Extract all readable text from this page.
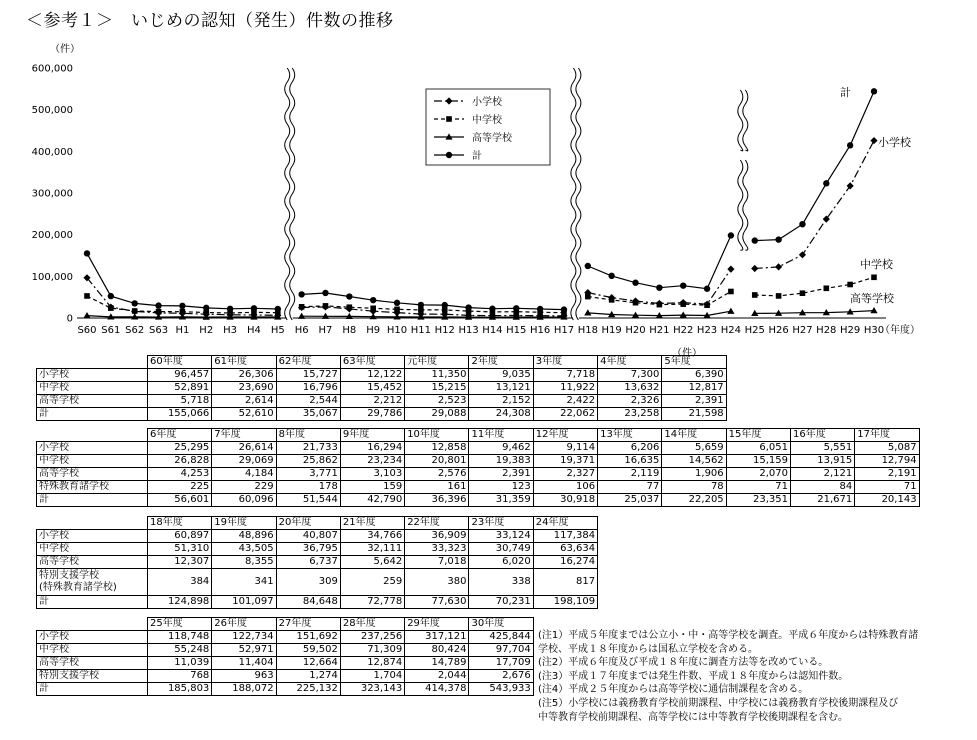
＜参考１＞　いじめの認知（発生）件数の推移
0
100,000
200,000
300,000
400,000
500,000
600,000
（件）
S60 S61 S62 S63 H1 H2 H3 H4 H5 H6 H7 H8 H9 H10 H11 H12 H13 H14 H15 H16 H17 H18 H19 H20 H21 H22 H23 H24 H25 H26 H27 H28 H29 H30
（年度）
計
小学校
中学校
高等学校
小学校
中学校
高等学校
計
（件）
	60年度	61年度	62年度	63年度	元年度	2年度	3年度	4年度	5年度
小学校	96,457	26,306	15,727	12,122	11,350	9,035	7,718	7,300	6,390
中学校	52,891	23,690	16,796	15,452	15,215	13,121	11,922	13,632	12,817
高等学校	5,718	2,614	2,544	2,212	2,523	2,152	2,422	2,326	2,391
計	155,066	52,610	35,067	29,786	29,088	24,308	22,062	23,258	21,598
	6年度	7年度	8年度	9年度	10年度	11年度	12年度	13年度	14年度	15年度	16年度	17年度
小学校	25,295	26,614	21,733	16,294	12,858	9,462	9,114	6,206	5,659	6,051	5,551	5,087
中学校	26,828	29,069	25,862	23,234	20,801	19,383	19,371	16,635	14,562	15,159	13,915	12,794
高等学校	4,253	4,184	3,771	3,103	2,576	2,391	2,327	2,119	1,906	2,070	2,121	2,191
特殊教育諸学校	225	229	178	159	161	123	106	77	78	71	84	71
計	56,601	60,096	51,544	42,790	36,396	31,359	30,918	25,037	22,205	23,351	21,671	20,143
	18年度	19年度	20年度	21年度	22年度	23年度	24年度
小学校	60,897	48,896	40,807	34,766	36,909	33,124	117,384
中学校	51,310	43,505	36,795	32,111	33,323	30,749	63,634
高等学校	12,307	8,355	6,737	5,642	7,018	6,020	16,274
特別支援学校
(特殊教育諸学校)	384	341	309	259	380	338	817
計	124,898	101,097	84,648	72,778	77,630	70,231	198,109
	25年度	26年度	27年度	28年度	29年度	30年度
小学校	118,748	122,734	151,692	237,256	317,121	425,844
中学校	55,248	52,971	59,502	71,309	80,424	97,704
高等学校	11,039	11,404	12,664	12,874	14,789	17,709
特別支援学校	768	963	1,274	1,704	2,044	2,676
計	185,803	188,072	225,132	323,143	414,378	543,933
(注1）平成５年度までは公立小・中・高等学校を調査。平成６年度からは特殊教育諸
学校、平成１８年度からは国私立学校を含める。
(注2）平成６年度及び平成１８年度に調査方法等を改めている。
(注3）平成１７年度までは発生件数、平成１８年度からは認知件数。
(注4）平成２５年度からは高等学校に通信制課程を含める。
(注5）小学校には義務教育学校前期課程、中学校には義務教育学校後期課程及び
中等教育学校前期課程、高等学校には中等教育学校後期課程を含む。
